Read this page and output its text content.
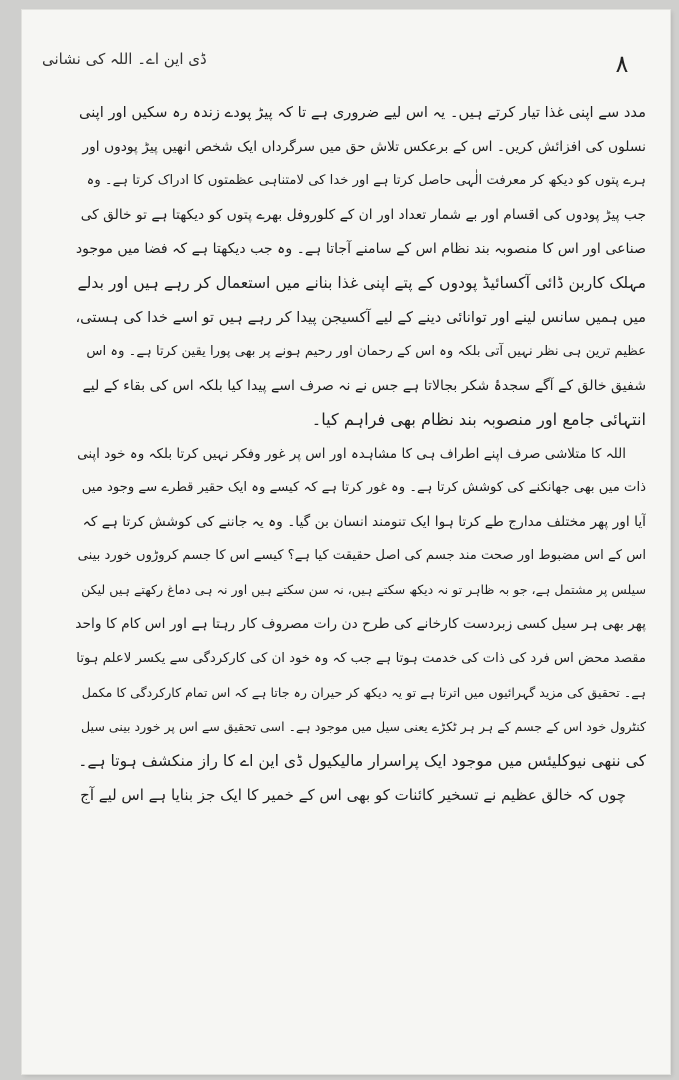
ڈی این اے۔ اللہ کی نشانی	۸
مدد سے اپنی غذا تیار کرتے ہیں۔ یہ اس لیے ضروری ہے تا کہ پیڑ پودے زندہ رہ سکیں اور اپنی
نسلوں کی افزائش کریں۔ اس کے برعکس تلاش حق میں سرگرداں ایک شخص انھیں پیڑ پودوں اور
ہرے پتوں کو دیکھ کر معرفت الٰہی حاصل کرتا ہے اور خدا کی لامتناہی عظمتوں کا ادراک کرتا ہے۔ وہ
جب پیڑ پودوں کی اقسام اور بے شمار تعداد اور ان کے کلوروفل بھرے پتوں کو دیکھتا ہے تو خالق کی
صناعی اور اس کا منصوبہ بند نظام اس کے سامنے آجاتا ہے۔ وہ جب دیکھتا ہے کہ فضا میں موجود
مہلک کاربن ڈائی آکسائیڈ پودوں کے پتے اپنی غذا بنانے میں استعمال کر رہے ہیں اور بدلے
میں ہمیں سانس لینے اور توانائی دینے کے لیے آکسیجن پیدا کر رہے ہیں تو اسے خدا کی ہستی،
عظیم ترین ہی نظر نہیں آتی بلکہ وہ اس کے رحمان اور رحیم ہونے پر بھی پورا یقین کرتا ہے۔ وہ اس
شفیق خالق کے آگے سجدۂ شکر بجالاتا ہے جس نے نہ صرف اسے پیدا کیا بلکہ اس کی بقاء کے لیے
انتہائی جامع اور منصوبہ بند نظام بھی فراہم کیا۔
اللہ کا متلاشی صرف اپنے اطراف ہی کا مشاہدہ اور اس پر غور وفکر نہیں کرتا بلکہ وہ خود اپنی
ذات میں بھی جھانکنے کی کوشش کرتا ہے۔ وہ غور کرتا ہے کہ کیسے وہ ایک حقیر قطرے سے وجود میں
آیا اور پھر مختلف مدارج طے کرتا ہوا ایک تنومند انسان بن گیا۔ وہ یہ جاننے کی کوشش کرتا ہے کہ
اس کے اس مضبوط اور صحت مند جسم کی اصل حقیقت کیا ہے؟ کیسے اس کا جسم کروڑوں خورد بینی
سیلس پر مشتمل ہے، جو بہ ظاہر تو نہ دیکھ سکتے ہیں، نہ سن سکتے ہیں اور نہ ہی دماغ رکھتے ہیں لیکن
پھر بھی ہر سیل کسی زبردست کارخانے کی طرح دن رات مصروف کار رہتا ہے اور اس کام کا واحد
مقصد محض اس فرد کی ذات کی خدمت ہوتا ہے جب کہ وہ خود ان کی کارکردگی سے یکسر لاعلم ہوتا
ہے۔ تحقیق کی مزید گہرائیوں میں اترتا ہے تو یہ دیکھ کر حیران رہ جاتا ہے کہ اس تمام کارکردگی کا مکمل
کنٹرول خود اس کے جسم کے ہر ہر ٹکڑے یعنی سیل میں موجود ہے۔ اسی تحقیق سے اس پر خورد بینی سیل
کی ننھی نیوکلیئس میں موجود ایک پراسرار مالیکیول ڈی این اے کا راز منکشف ہوتا ہے۔
چوں کہ خالق عظیم نے تسخیر کائنات کو بھی اس کے خمیر کا ایک جز بنایا ہے اس لیے آج
